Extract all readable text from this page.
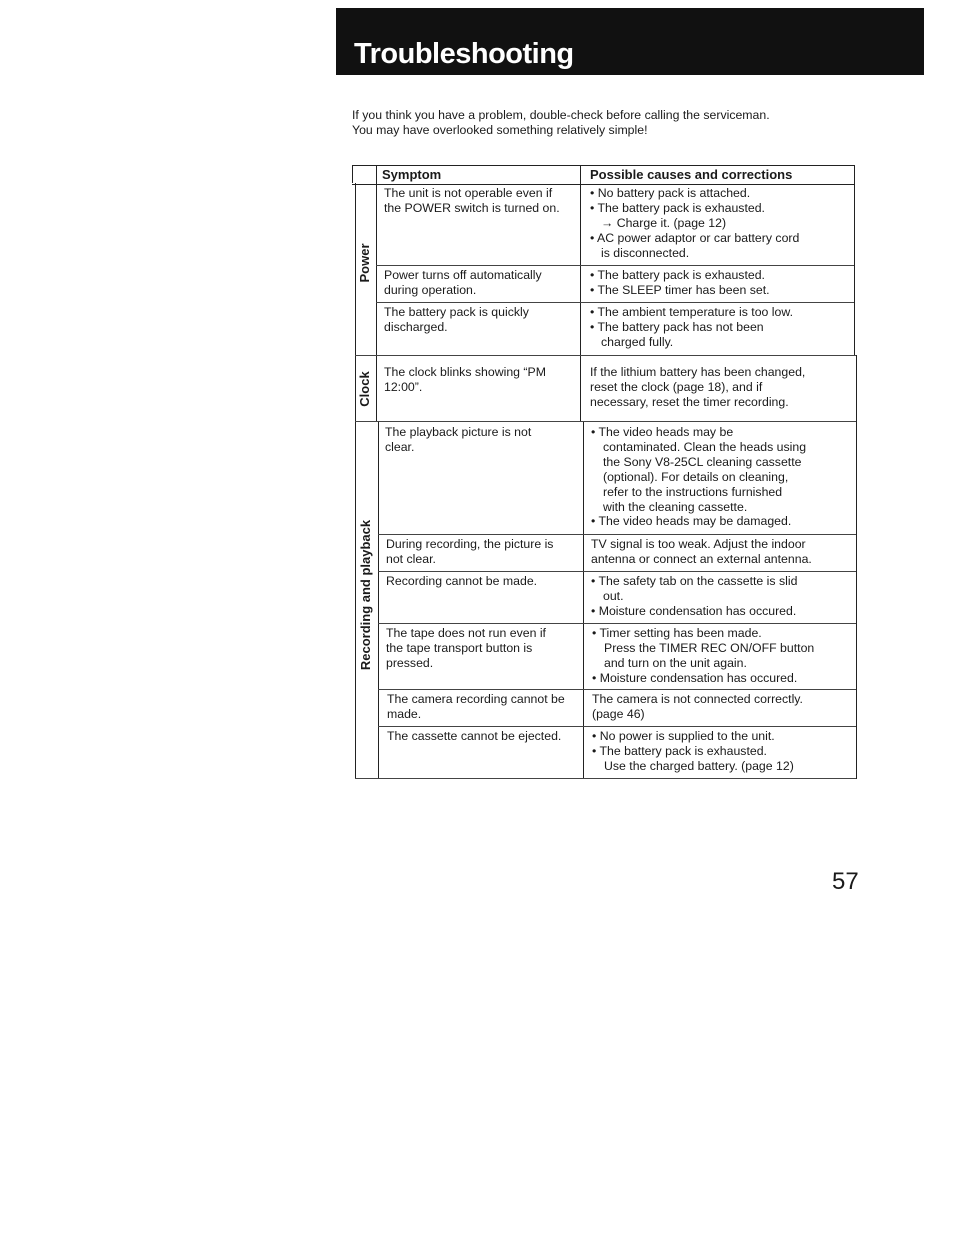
Troubleshooting
If you think you have a problem, double-check before calling the serviceman.
You may have overlooked something relatively simple!
Symptom	Possible causes and corrections
Power
Clock
Recording and playback
The unit is not operable even if
the POWER switch is turned on.
• No battery pack is attached.
• The battery pack is exhausted.
→ Charge it. (page 12)
• AC power adaptor or car battery cord
is disconnected.
Power turns off automatically
during operation.
• The battery pack is exhausted.
• The SLEEP timer has been set.
The battery pack is quickly
discharged.
• The ambient temperature is too low.
• The battery pack has not been
charged fully.
The clock blinks showing “PM
12:00”.
If the lithium battery has been changed,
reset the clock (page 18), and if
necessary, reset the timer recording.
The playback picture is not
clear.
• The video heads may be
contaminated. Clean the heads using
the Sony V8-25CL cleaning cassette
(optional). For details on cleaning,
refer to the instructions furnished
with the cleaning cassette.
• The video heads may be damaged.
During recording, the picture is
not clear.
TV signal is too weak. Adjust the indoor
antenna or connect an external antenna.
Recording cannot be made.	• The safety tab on the cassette is slid
out.
• Moisture condensation has occured.
The tape does not run even if
the tape transport button is
pressed.
• Timer setting has been made.
Press the TIMER REC ON/OFF button
and turn on the unit again.
• Moisture condensation has occured.
The camera recording cannot be
made.
The camera is not connected correctly.
(page 46)
The cassette cannot be ejected. • No power is supplied to the unit.
• The battery pack is exhausted.
Use the charged battery. (page 12)
57
